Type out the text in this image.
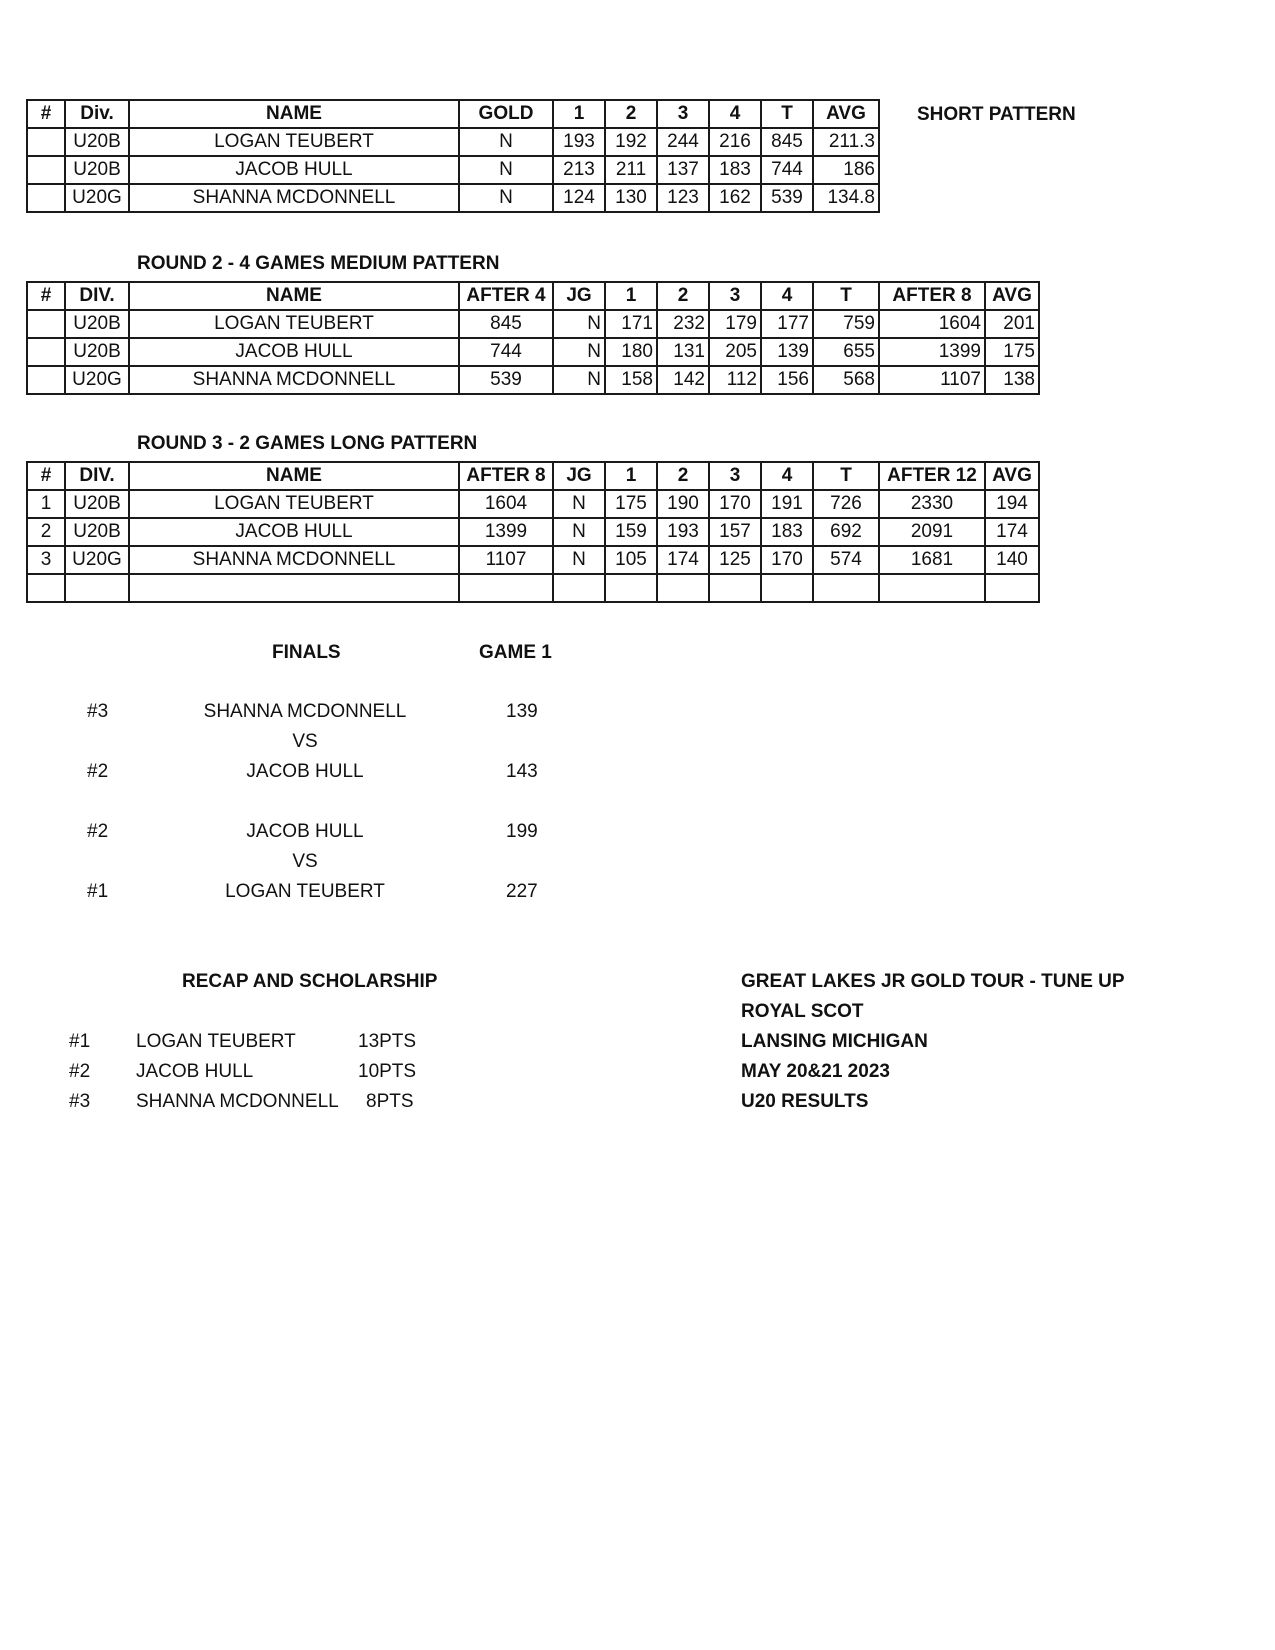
#	Div.	NAME	GOLD	1	2	3	4	T	AVG
	U20B	LOGAN TEUBERT	N	193	192	244	216	845	211.3
	U20B	JACOB HULL	N	213	211	137	183	744	186
	U20G	SHANNA MCDONNELL	N	124	130	123	162	539	134.8
SHORT PATTERN
ROUND 2 - 4 GAMES MEDIUM PATTERN
#	DIV.	NAME	AFTER 4	JG	1	2	3	4	T	AFTER 8	AVG
	U20B	LOGAN TEUBERT	845	N	171	232	179	177	759	1604	201
	U20B	JACOB HULL	744	N	180	131	205	139	655	1399	175
	U20G	SHANNA MCDONNELL	539	N	158	142	112	156	568	1107	138
ROUND 3 - 2 GAMES LONG PATTERN
#	DIV.	NAME	AFTER 8	JG	1	2	3	4	T	AFTER 12	AVG
1	U20B	LOGAN TEUBERT	1604	N	175	190	170	191	726	2330	194
2	U20B	JACOB HULL	1399	N	159	193	157	183	692	2091	174
3	U20G	SHANNA MCDONNELL	1107	N	105	174	125	170	574	1681	140

FINALS	GAME 1
#3	SHANNA MCDONNELL	139
VS
#2	JACOB HULL	143
#2	JACOB HULL	199
VS
#1	LOGAN TEUBERT	227
RECAP AND SCHOLARSHIP
#1 LOGAN TEUBERT	13PTS
#2 JACOB HULL	10PTS
#3 SHANNA MCDONNELL 8PTS
GREAT LAKES JR GOLD TOUR - TUNE UP
ROYAL SCOT
LANSING MICHIGAN
MAY 20&21 2023
U20 RESULTS
